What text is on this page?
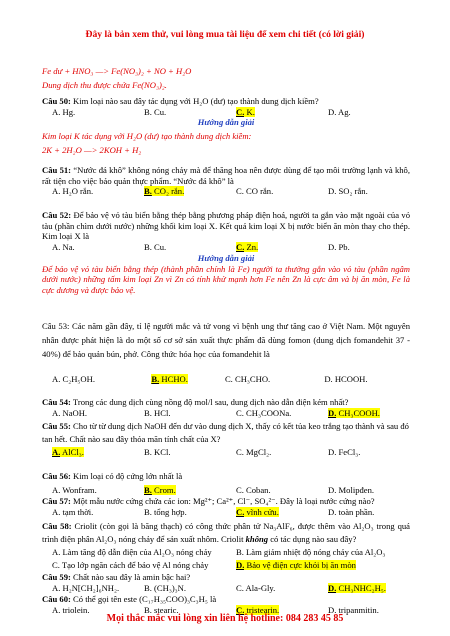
Đây là bản xem thử, vui lòng mua tài liệu để xem chi tiết (có lời giải)

Fe dư + HNO₃ —> Fe(NO₃)₂ + NO + H₂O

Dung dịch thu được chứa Fe(NO₃)₂.

Câu 50: Kim loại nào sau đây tác dụng với H₂O (dư) tạo thành dung dịch kiềm?

A. Hg.	B. Cu.	C. K.	D. Ag.

Hướng dẫn giải

Kim loại K tác dụng với H₂O (dư) tạo thành dung dịch kiềm:

2K + 2H₂O —> 2KOH + H₂

Câu 51: “Nước đá khô” không nóng chảy mà để thăng hoa nên được dùng để tạo môi trường lạnh và khô, rất tiện cho việc bảo quản thực phẩm. “Nước đá khô” là

A. H₂O rắn.	B. CO₂ rắn.	C. CO rắn.	D. SO₂ rắn.

Câu 52: Để bảo vệ vỏ tàu biển bằng thép bằng phương pháp điện hoá, người ta gắn vào mặt ngoài của vỏ tàu (phần chìm dưới nước) những khối kim loại X. Kết quả kim loại X bị nước biển ăn mòn thay cho thép. Kim loại X là

A. Na.	B. Cu.	C. Zn.	D. Pb.

Hướng dẫn giải

Để bảo vệ vỏ tàu biển bằng thép (thành phần chính là Fe) người ta thường gắn vào vỏ tàu (phần ngâm dưới nước) những tấm kim loại Zn vì Zn có tính khử mạnh hơn Fe nên Zn là cực âm và bị ăn mòn, Fe là cực dương và được bảo vệ.

Câu 53: Các năm gần đây, tỉ lệ người mắc và tử vong vì bệnh ung thư tăng cao ở Việt Nam. Một nguyên nhân được phát hiện là do một số cơ sở sản xuất thực phẩm đã dùng fomon (dung dịch fomandehit 37 - 40%) để bảo quản bún, phở. Công thức hóa học của fomandehit là

A. C₂H₅OH.	B. HCHO.	C. CH₃CHO.	D. HCOOH.

Câu 54: Trong các dung dịch cùng nồng độ mol/l sau, dung dịch nào dẫn điện kém nhất?

A. NaOH.	B. HCl.	C. CH₃COONa.	D. CH₃COOH.

Câu 55: Cho từ từ dung dịch NaOH đến dư vào dung dịch X, thấy có kết tủa keo trắng tạo thành và sau đó tan hết. Chất nào sau đây thỏa mãn tính chất của X?

A. AlCl₃.	B. KCl.	C. MgCl₂.	D. FeCl₃.

Câu 56: Kim loại có độ cứng lớn nhất là

A. Wonfram.	B. Crom.	C. Coban.	D. Molipđen.

Câu 57: Một mẫu nước cứng chứa các ion: Mg²⁺; Ca²⁺, Cl⁻, SO₄²⁻. Đây là loại nước cứng nào?

A. tạm thời.	B. tổng hợp.	C. vĩnh cửu.	D. toàn phần.

Câu 58: Criolit (còn gọi là băng thạch) có công thức phân tử Na₃AlF₆, được thêm vào Al₂O₃ trong quá trình điện phân Al₂O₃ nóng chảy để sản xuất nhôm. Criolit không có tác dụng nào sau đây?

A. Làm tăng độ dẫn điện của Al₂O₃ nóng chảy	B. Làm giảm nhiệt độ nóng chảy của Al₂O₃
C. Tạo lớp ngăn cách để bảo vệ Al nóng chảy	D. Bảo vệ điện cực khỏi bị ăn mòn

Câu 59: Chất nào sau đây là amin bậc hai?

A. H₂N[CH₂]₆NH₂.	B. (CH₃)₃N.	C. Ala-Gly.	D. CH₃NHC₂H₅.

Câu 60: Có thể gọi tên este (C₁₇H₃₅COO)₃C₃H₅ là

A. triolein.	B. stearic.	C. tristearin.	D. tripanmitin.
Mọi thắc mắc vui lòng xin liên hệ hotline: 084 283 45 85
